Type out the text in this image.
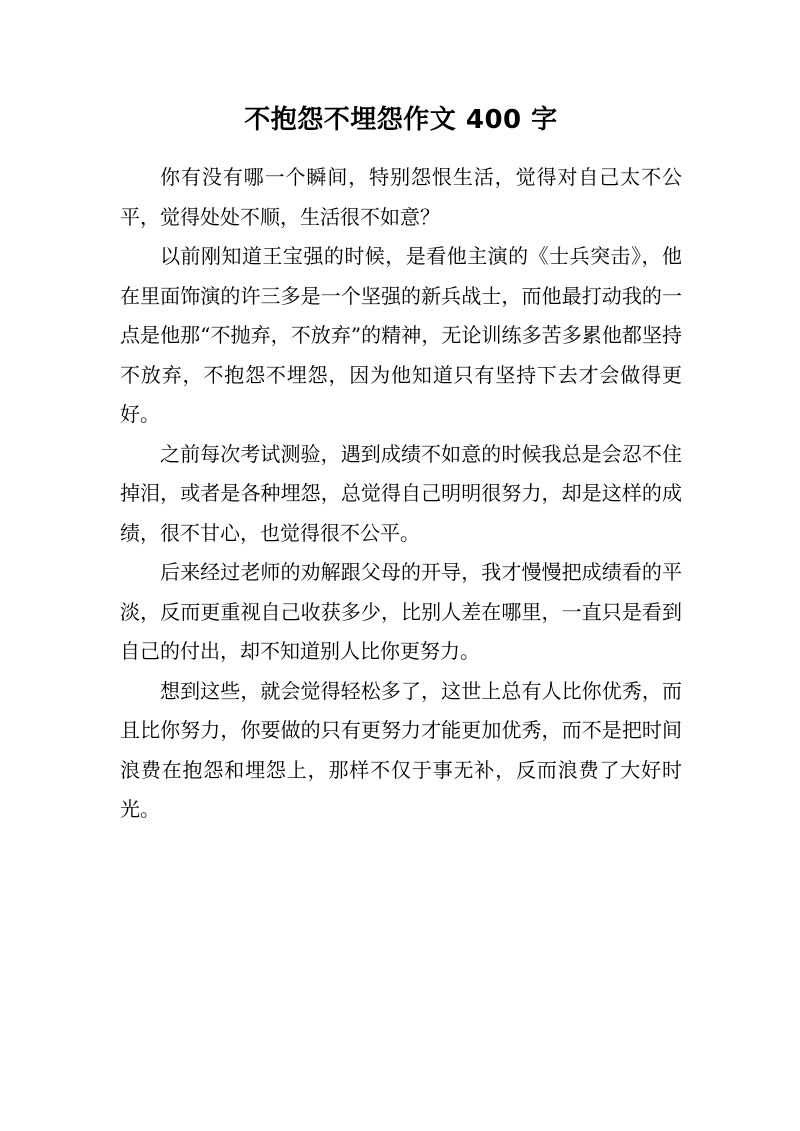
不抱怨不埋怨作文 400 字

你有没有哪一个瞬间，特别怨恨生活，觉得对自己太不公平，觉得处处不顺，生活很不如意？

以前刚知道王宝强的时候，是看他主演的《士兵突击》，他在里面饰演的许三多是一个坚强的新兵战士，而他最打动我的一点是他那“不抛弃，不放弃”的精神，无论训练多苦多累他都坚持不放弃，不抱怨不埋怨，因为他知道只有坚持下去才会做得更好。

之前每次考试测验，遇到成绩不如意的时候我总是会忍不住掉泪，或者是各种埋怨，总觉得自己明明很努力，却是这样的成绩，很不甘心，也觉得很不公平。

后来经过老师的劝解跟父母的开导，我才慢慢把成绩看的平淡，反而更重视自己收获多少，比别人差在哪里，一直只是看到自己的付出，却不知道别人比你更努力。

想到这些，就会觉得轻松多了，这世上总有人比你优秀，而且比你努力，你要做的只有更努力才能更加优秀，而不是把时间浪费在抱怨和埋怨上，那样不仅于事无补，反而浪费了大好时光。
